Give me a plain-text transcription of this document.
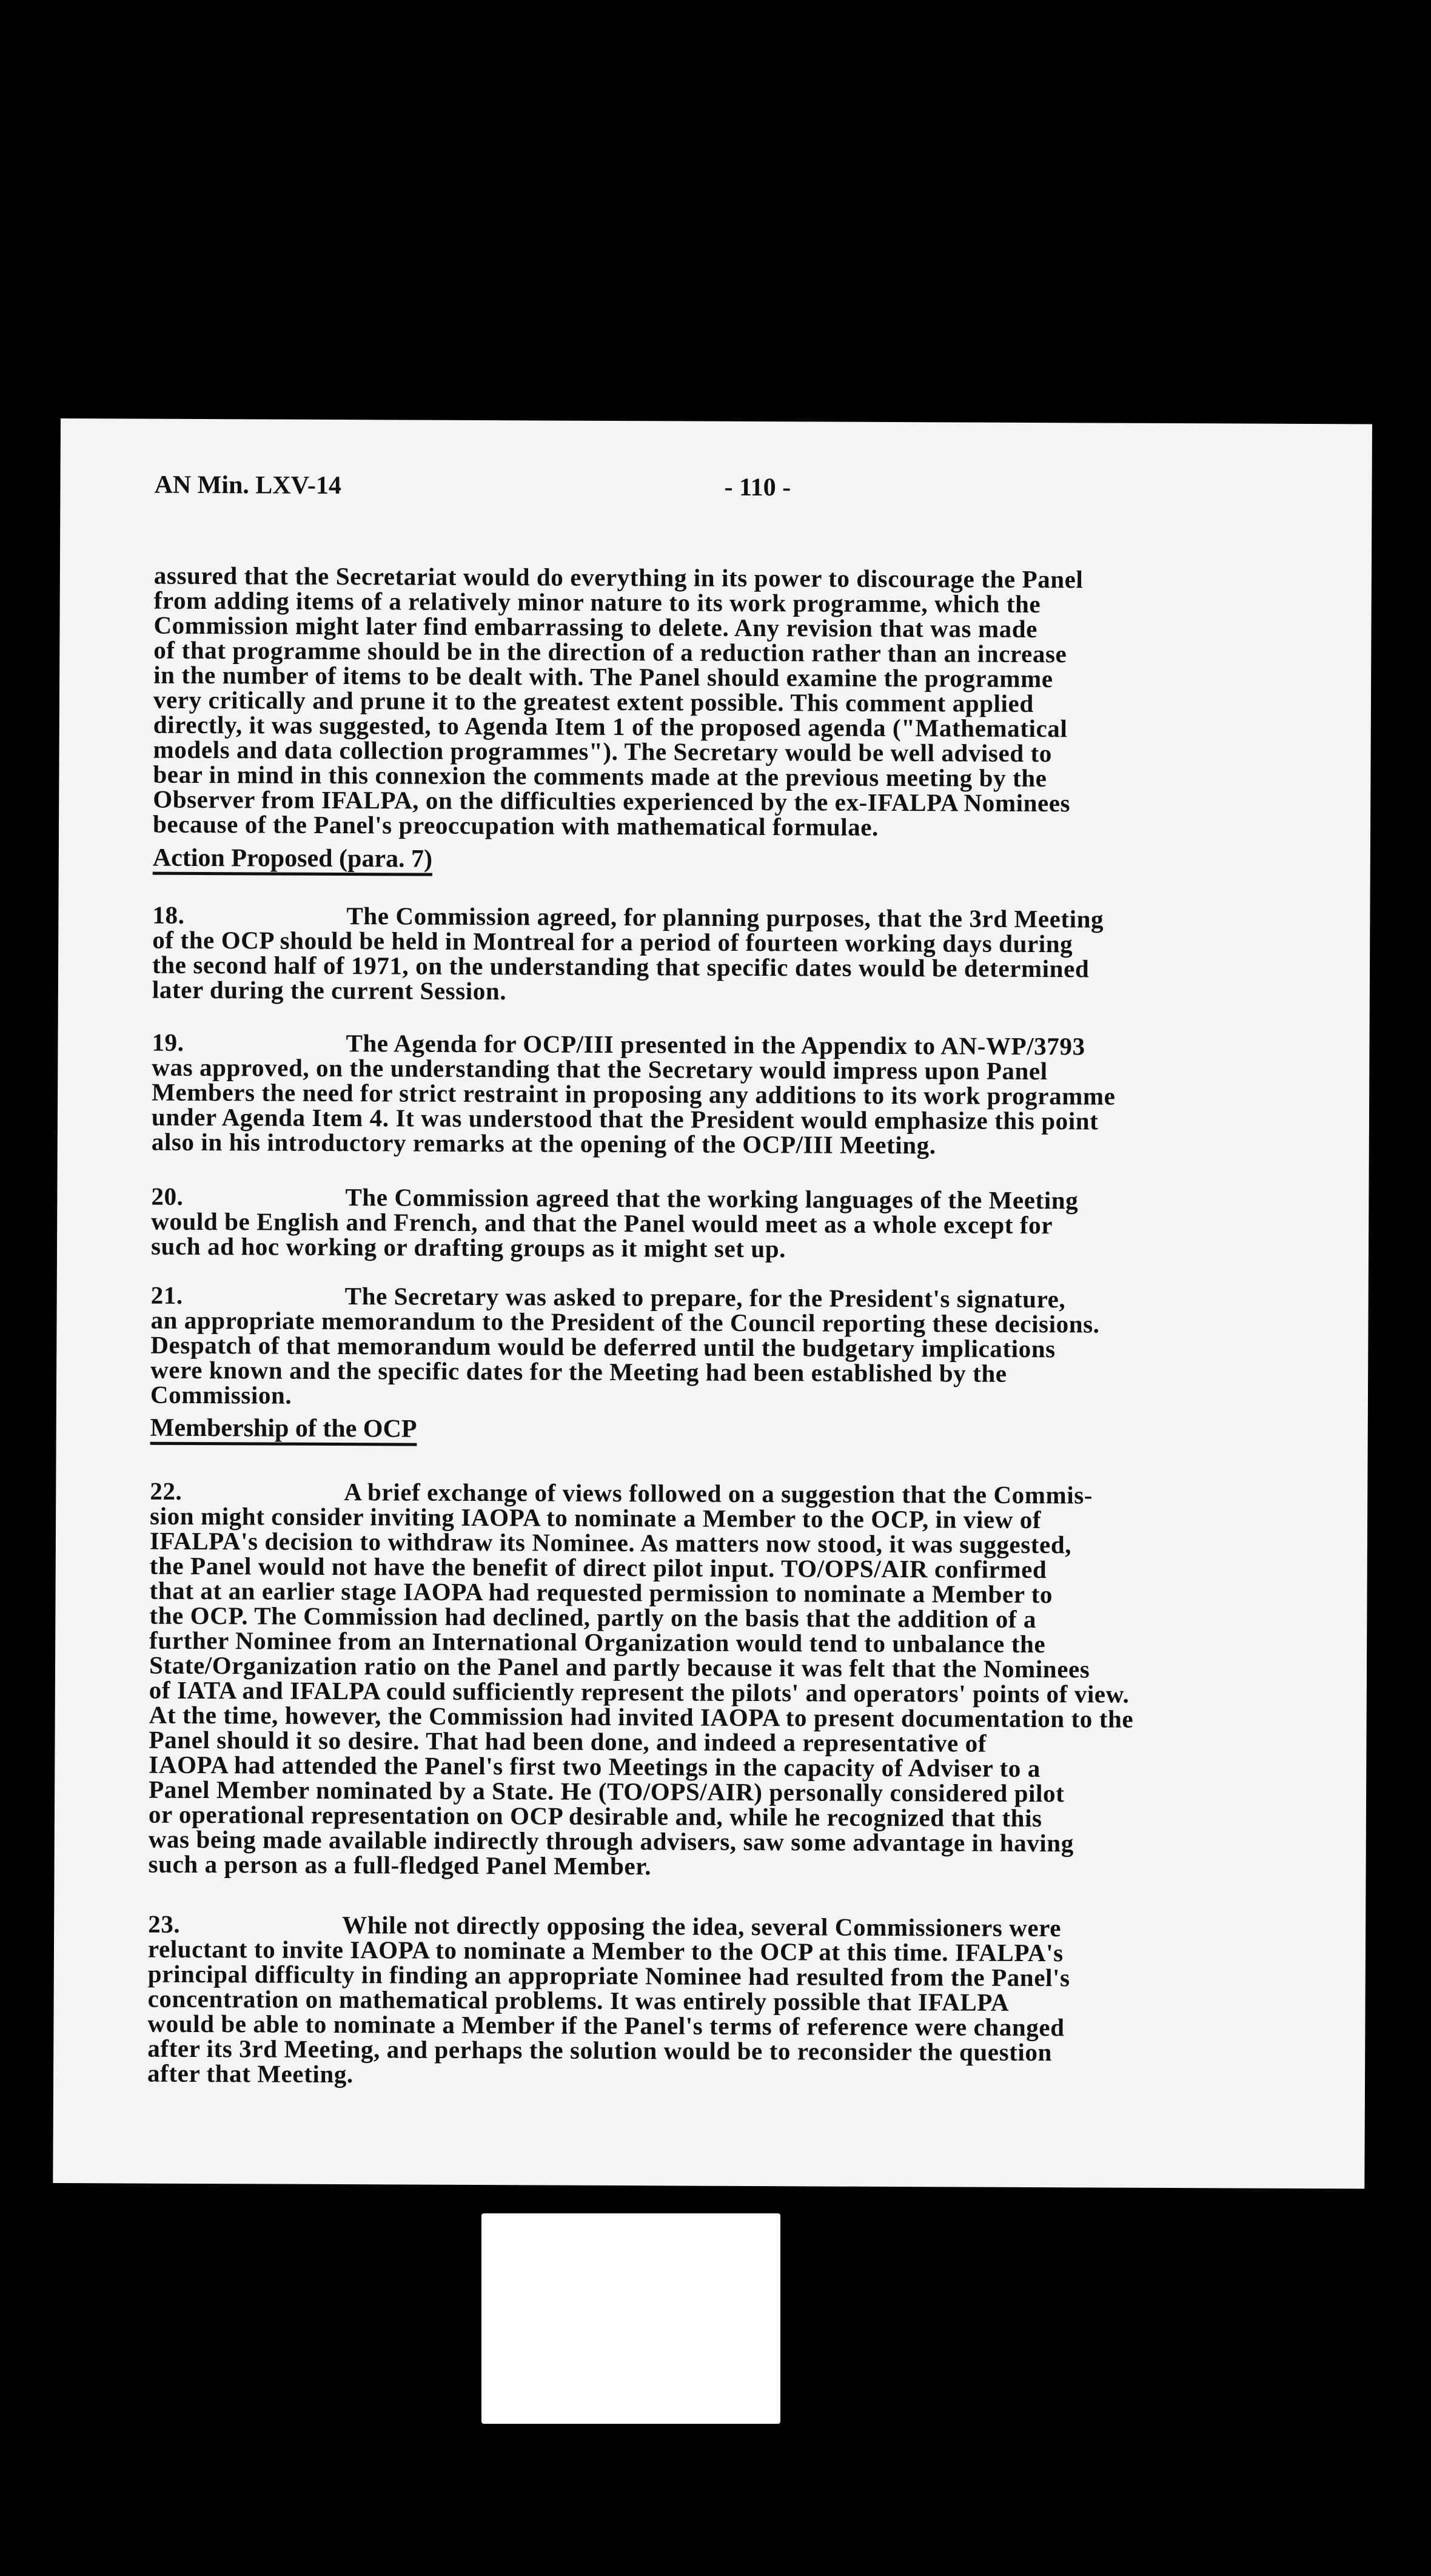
AN Min. LXV-14	- 110 -
assured that the Secretariat would do everything in its power to discourage the Panel
from adding items of a relatively minor nature to its work programme, which the
Commission might later find embarrassing to delete. Any revision that was made
of that programme should be in the direction of a reduction rather than an increase
in the number of items to be dealt with. The Panel should examine the programme
very critically and prune it to the greatest extent possible. This comment applied
directly, it was suggested, to Agenda Item 1 of the proposed agenda ("Mathematical
models and data collection programmes"). The Secretary would be well advised to
bear in mind in this connexion the comments made at the previous meeting by the
Observer from IFALPA, on the difficulties experienced by the ex-IFALPA Nominees
because of the Panel's preoccupation with mathematical formulae.
Action Proposed (para. 7)
18.	The Commission agreed, for planning purposes, that the 3rd Meeting
of the OCP should be held in Montreal for a period of fourteen working days during
the second half of 1971, on the understanding that specific dates would be determined
later during the current Session.
19.	The Agenda for OCP/III presented in the Appendix to AN-WP/3793
was approved, on the understanding that the Secretary would impress upon Panel
Members the need for strict restraint in proposing any additions to its work programme
under Agenda Item 4. It was understood that the President would emphasize this point
also in his introductory remarks at the opening of the OCP/III Meeting.
20.	The Commission agreed that the working languages of the Meeting
would be English and French, and that the Panel would meet as a whole except for
such ad hoc working or drafting groups as it might set up.
21.	The Secretary was asked to prepare, for the President's signature,
an appropriate memorandum to the President of the Council reporting these decisions.
Despatch of that memorandum would be deferred until the budgetary implications
were known and the specific dates for the Meeting had been established by the
Commission.
Membership of the OCP
22.	A brief exchange of views followed on a suggestion that the Commis-
sion might consider inviting IAOPA to nominate a Member to the OCP, in view of
IFALPA's decision to withdraw its Nominee. As matters now stood, it was suggested,
the Panel would not have the benefit of direct pilot input. TO/OPS/AIR confirmed
that at an earlier stage IAOPA had requested permission to nominate a Member to
the OCP. The Commission had declined, partly on the basis that the addition of a
further Nominee from an International Organization would tend to unbalance the
State/Organization ratio on the Panel and partly because it was felt that the Nominees
of IATA and IFALPA could sufficiently represent the pilots' and operators' points of view.
At the time, however, the Commission had invited IAOPA to present documentation to the
Panel should it so desire. That had been done, and indeed a representative of
IAOPA had attended the Panel's first two Meetings in the capacity of Adviser to a
Panel Member nominated by a State. He (TO/OPS/AIR) personally considered pilot
or operational representation on OCP desirable and, while he recognized that this
was being made available indirectly through advisers, saw some advantage in having
such a person as a full-fledged Panel Member.
23.	While not directly opposing the idea, several Commissioners were
reluctant to invite IAOPA to nominate a Member to the OCP at this time. IFALPA's
principal difficulty in finding an appropriate Nominee had resulted from the Panel's
concentration on mathematical problems. It was entirely possible that IFALPA
would be able to nominate a Member if the Panel's terms of reference were changed
after its 3rd Meeting, and perhaps the solution would be to reconsider the question
after that Meeting.
